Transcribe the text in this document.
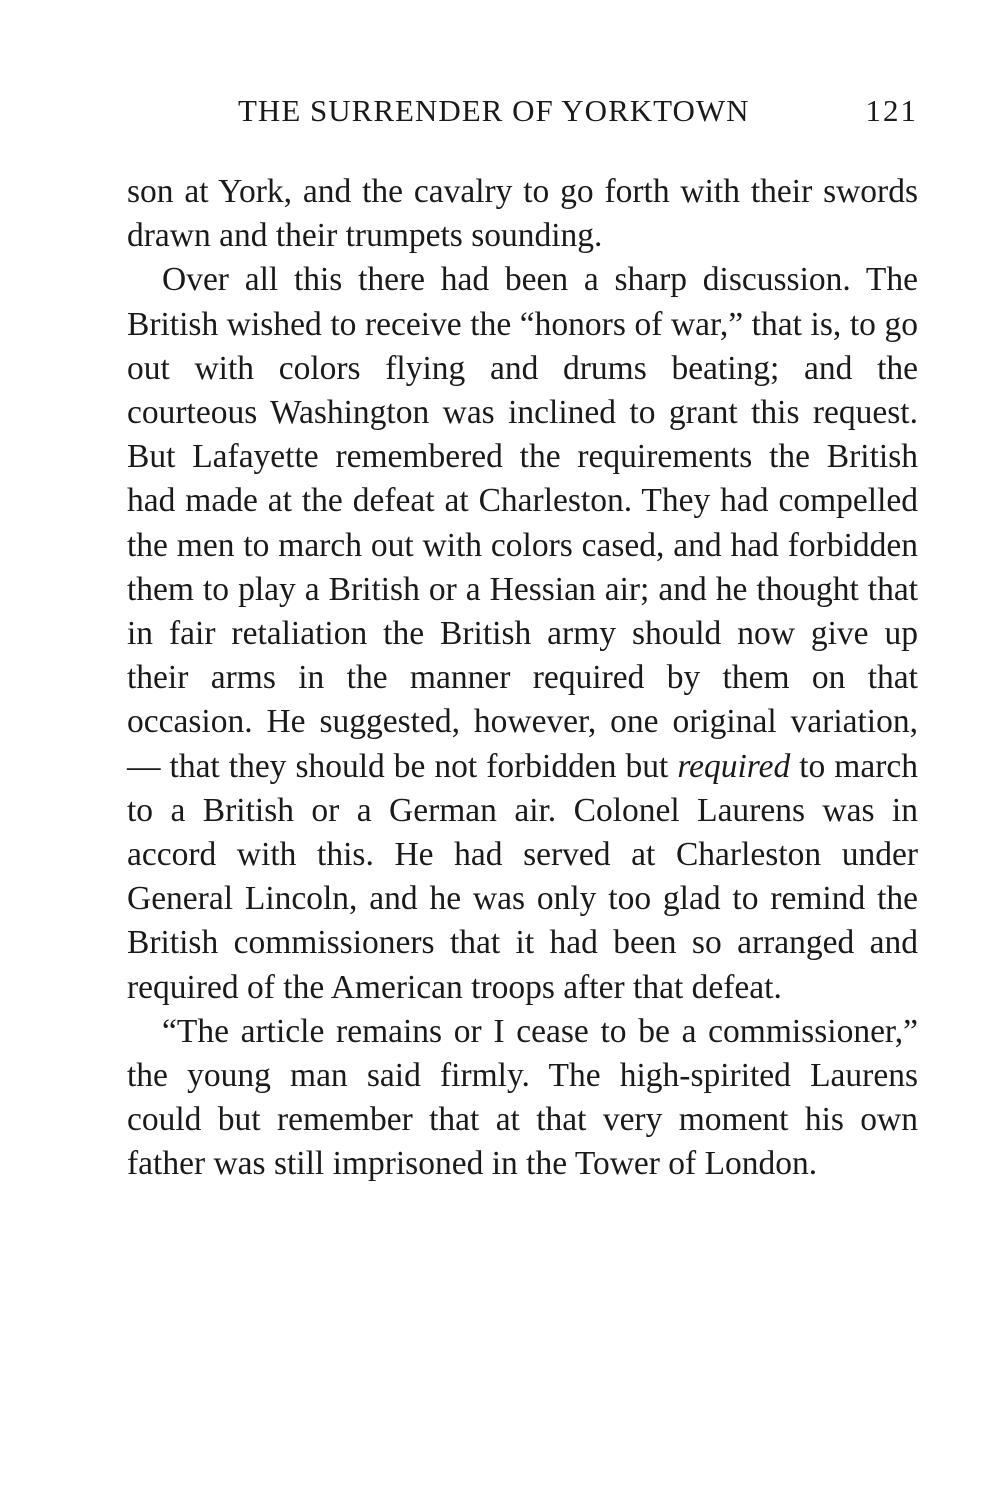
THE SURRENDER OF YORKTOWN	121

son at York, and the cavalry to go forth with their swords drawn and their trumpets sounding.

Over all this there had been a sharp discussion. The British wished to receive the “honors of war,” that is, to go out with colors flying and drums beating; and the courteous Washington was inclined to grant this request. But Lafayette remembered the requirements the British had made at the defeat at Charleston. They had compelled the men to march out with colors cased, and had forbidden them to play a British or a Hessian air; and he thought that in fair retaliation the British army should now give up their arms in the manner required by them on that occasion. He suggested, however, one original variation, — that they should be not forbidden but required to march to a British or a German air. Colonel Laurens was in accord with this. He had served at Charleston under General Lincoln, and he was only too glad to remind the British commissioners that it had been so arranged and required of the American troops after that defeat.

“The article remains or I cease to be a commissioner,” the young man said firmly. The high-spirited Laurens could but remember that at that very moment his own father was still imprisoned in the Tower of London.
